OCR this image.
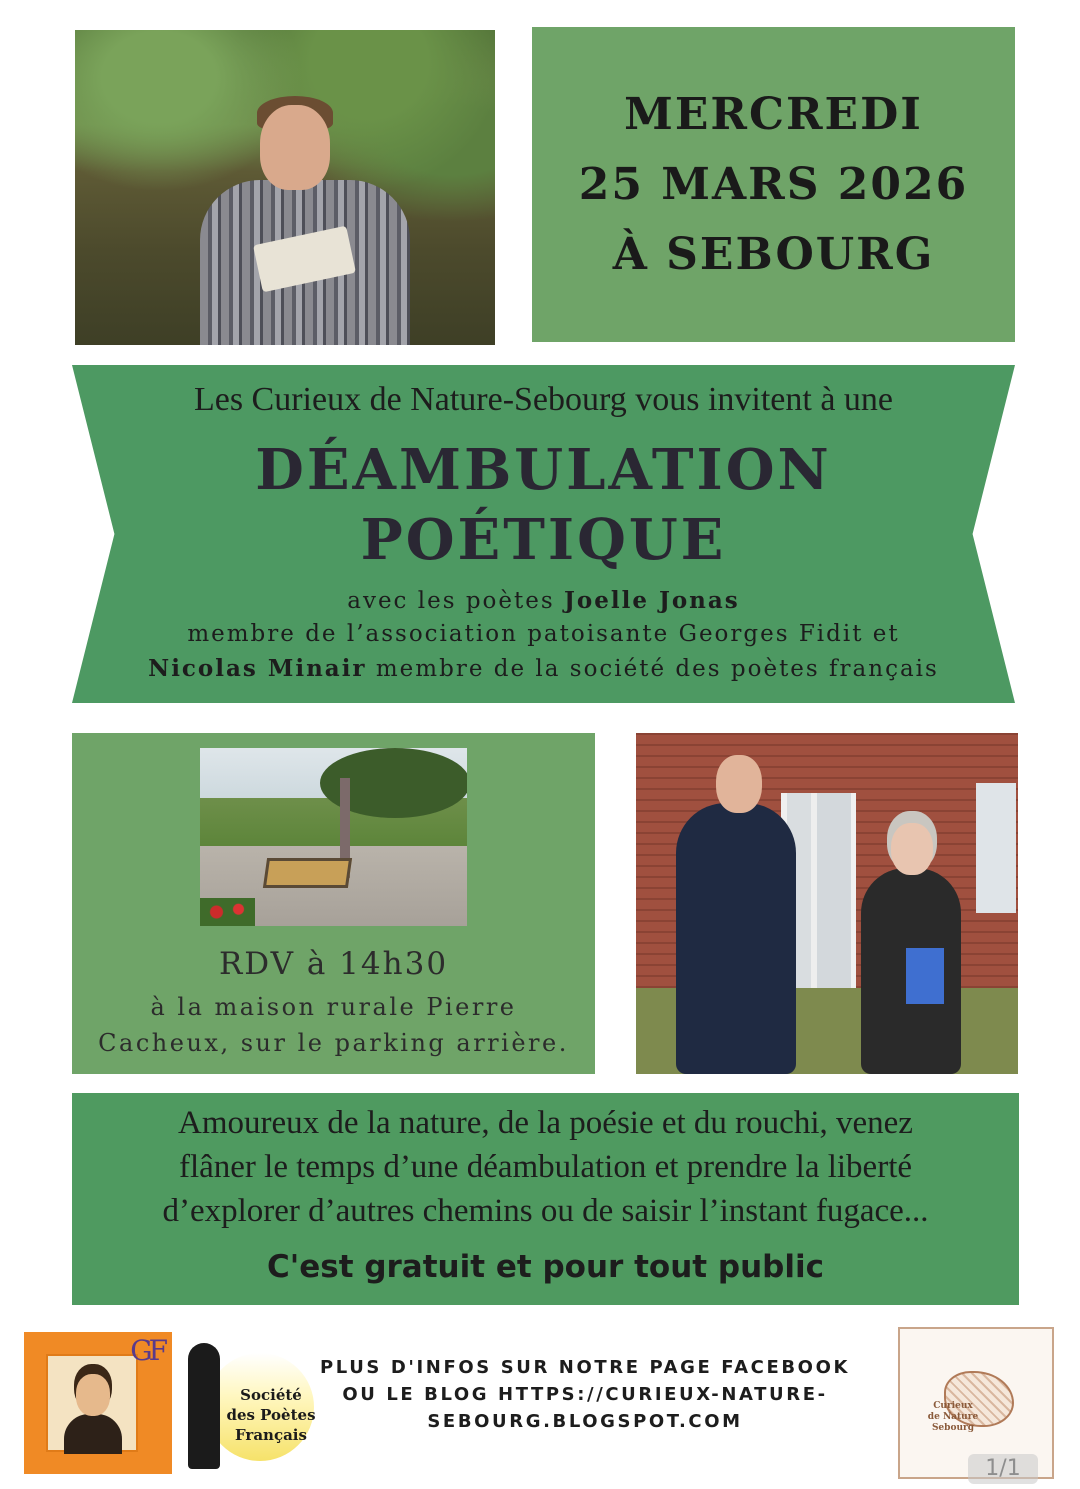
MERCREDI
25 MARS 2026
À SEBOURG
Les Curieux de Nature-Sebourg vous invitent à une
DÉAMBULATION
POÉTIQUE
avec les poètes Joelle Jonas
membre de l’association patoisante Georges Fidit et
Nicolas Minair membre de la société des poètes français
RDV à 14h30
à la maison rurale Pierre
Cacheux, sur le parking arrière.
Amoureux de la nature, de la poésie et du rouchi, venez
flâner le temps d’une déambulation et prendre la liberté
d’explorer d’autres chemins ou de saisir l’instant fugace...
C'est gratuit et pour tout public
GF
Société
des Poètes
Français
PLUS D'INFOS SUR NOTRE PAGE FACEBOOK
OU LE BLOG HTTPS://CURIEUX-NATURE-
SEBOURG.BLOGSPOT.COM
Curieux
de Nature
Sebourg
1/1
